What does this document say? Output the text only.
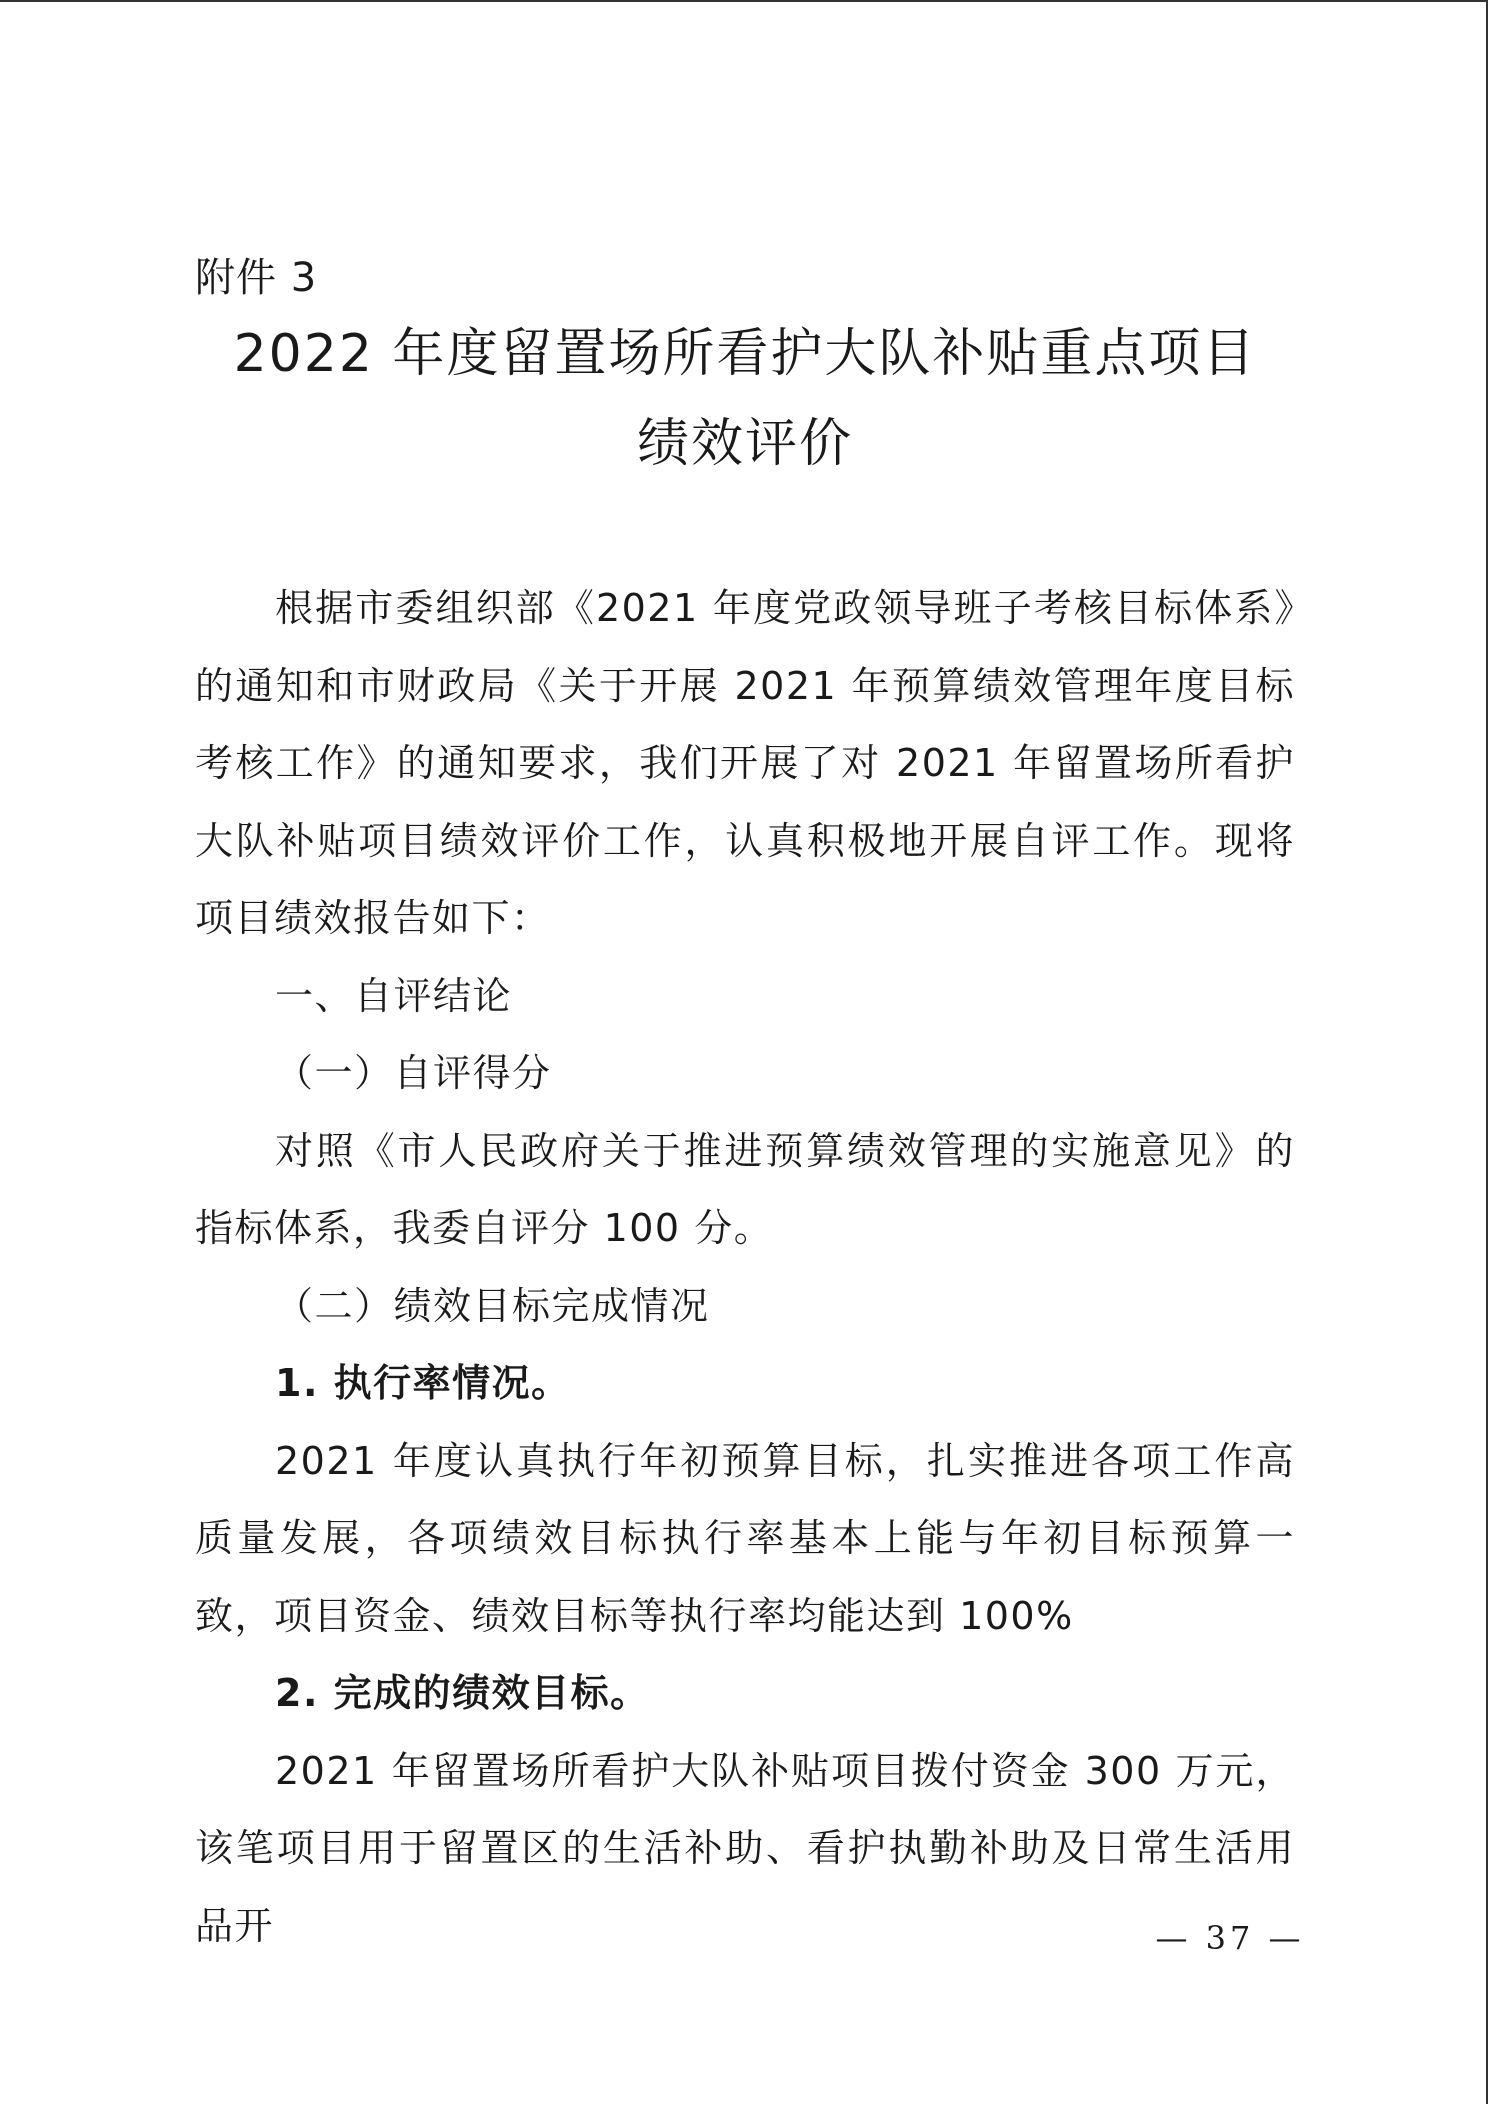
附件 3
2022 年度留置场所看护大队补贴重点项目
绩效评价

根据市委组织部《2021 年度党政领导班子考核目标体系》的通知和市财政局《关于开展 2021 年预算绩效管理年度目标考核工作》的通知要求，我们开展了对 2021 年留置场所看护大队补贴项目绩效评价工作，认真积极地开展自评工作。现将项目绩效报告如下：

一、自评结论

（一）自评得分

对照《市人民政府关于推进预算绩效管理的实施意见》的指标体系，我委自评分 100 分。

（二）绩效目标完成情况

1. 执行率情况。

2021 年度认真执行年初预算目标，扎实推进各项工作高质量发展，各项绩效目标执行率基本上能与年初目标预算一致，项目资金、绩效目标等执行率均能达到 100%

2. 完成的绩效目标。

2021 年留置场所看护大队补贴项目拨付资金 300 万元，该笔项目用于留置区的生活补助、看护执勤补助及日常生活用品开	— 37 —
